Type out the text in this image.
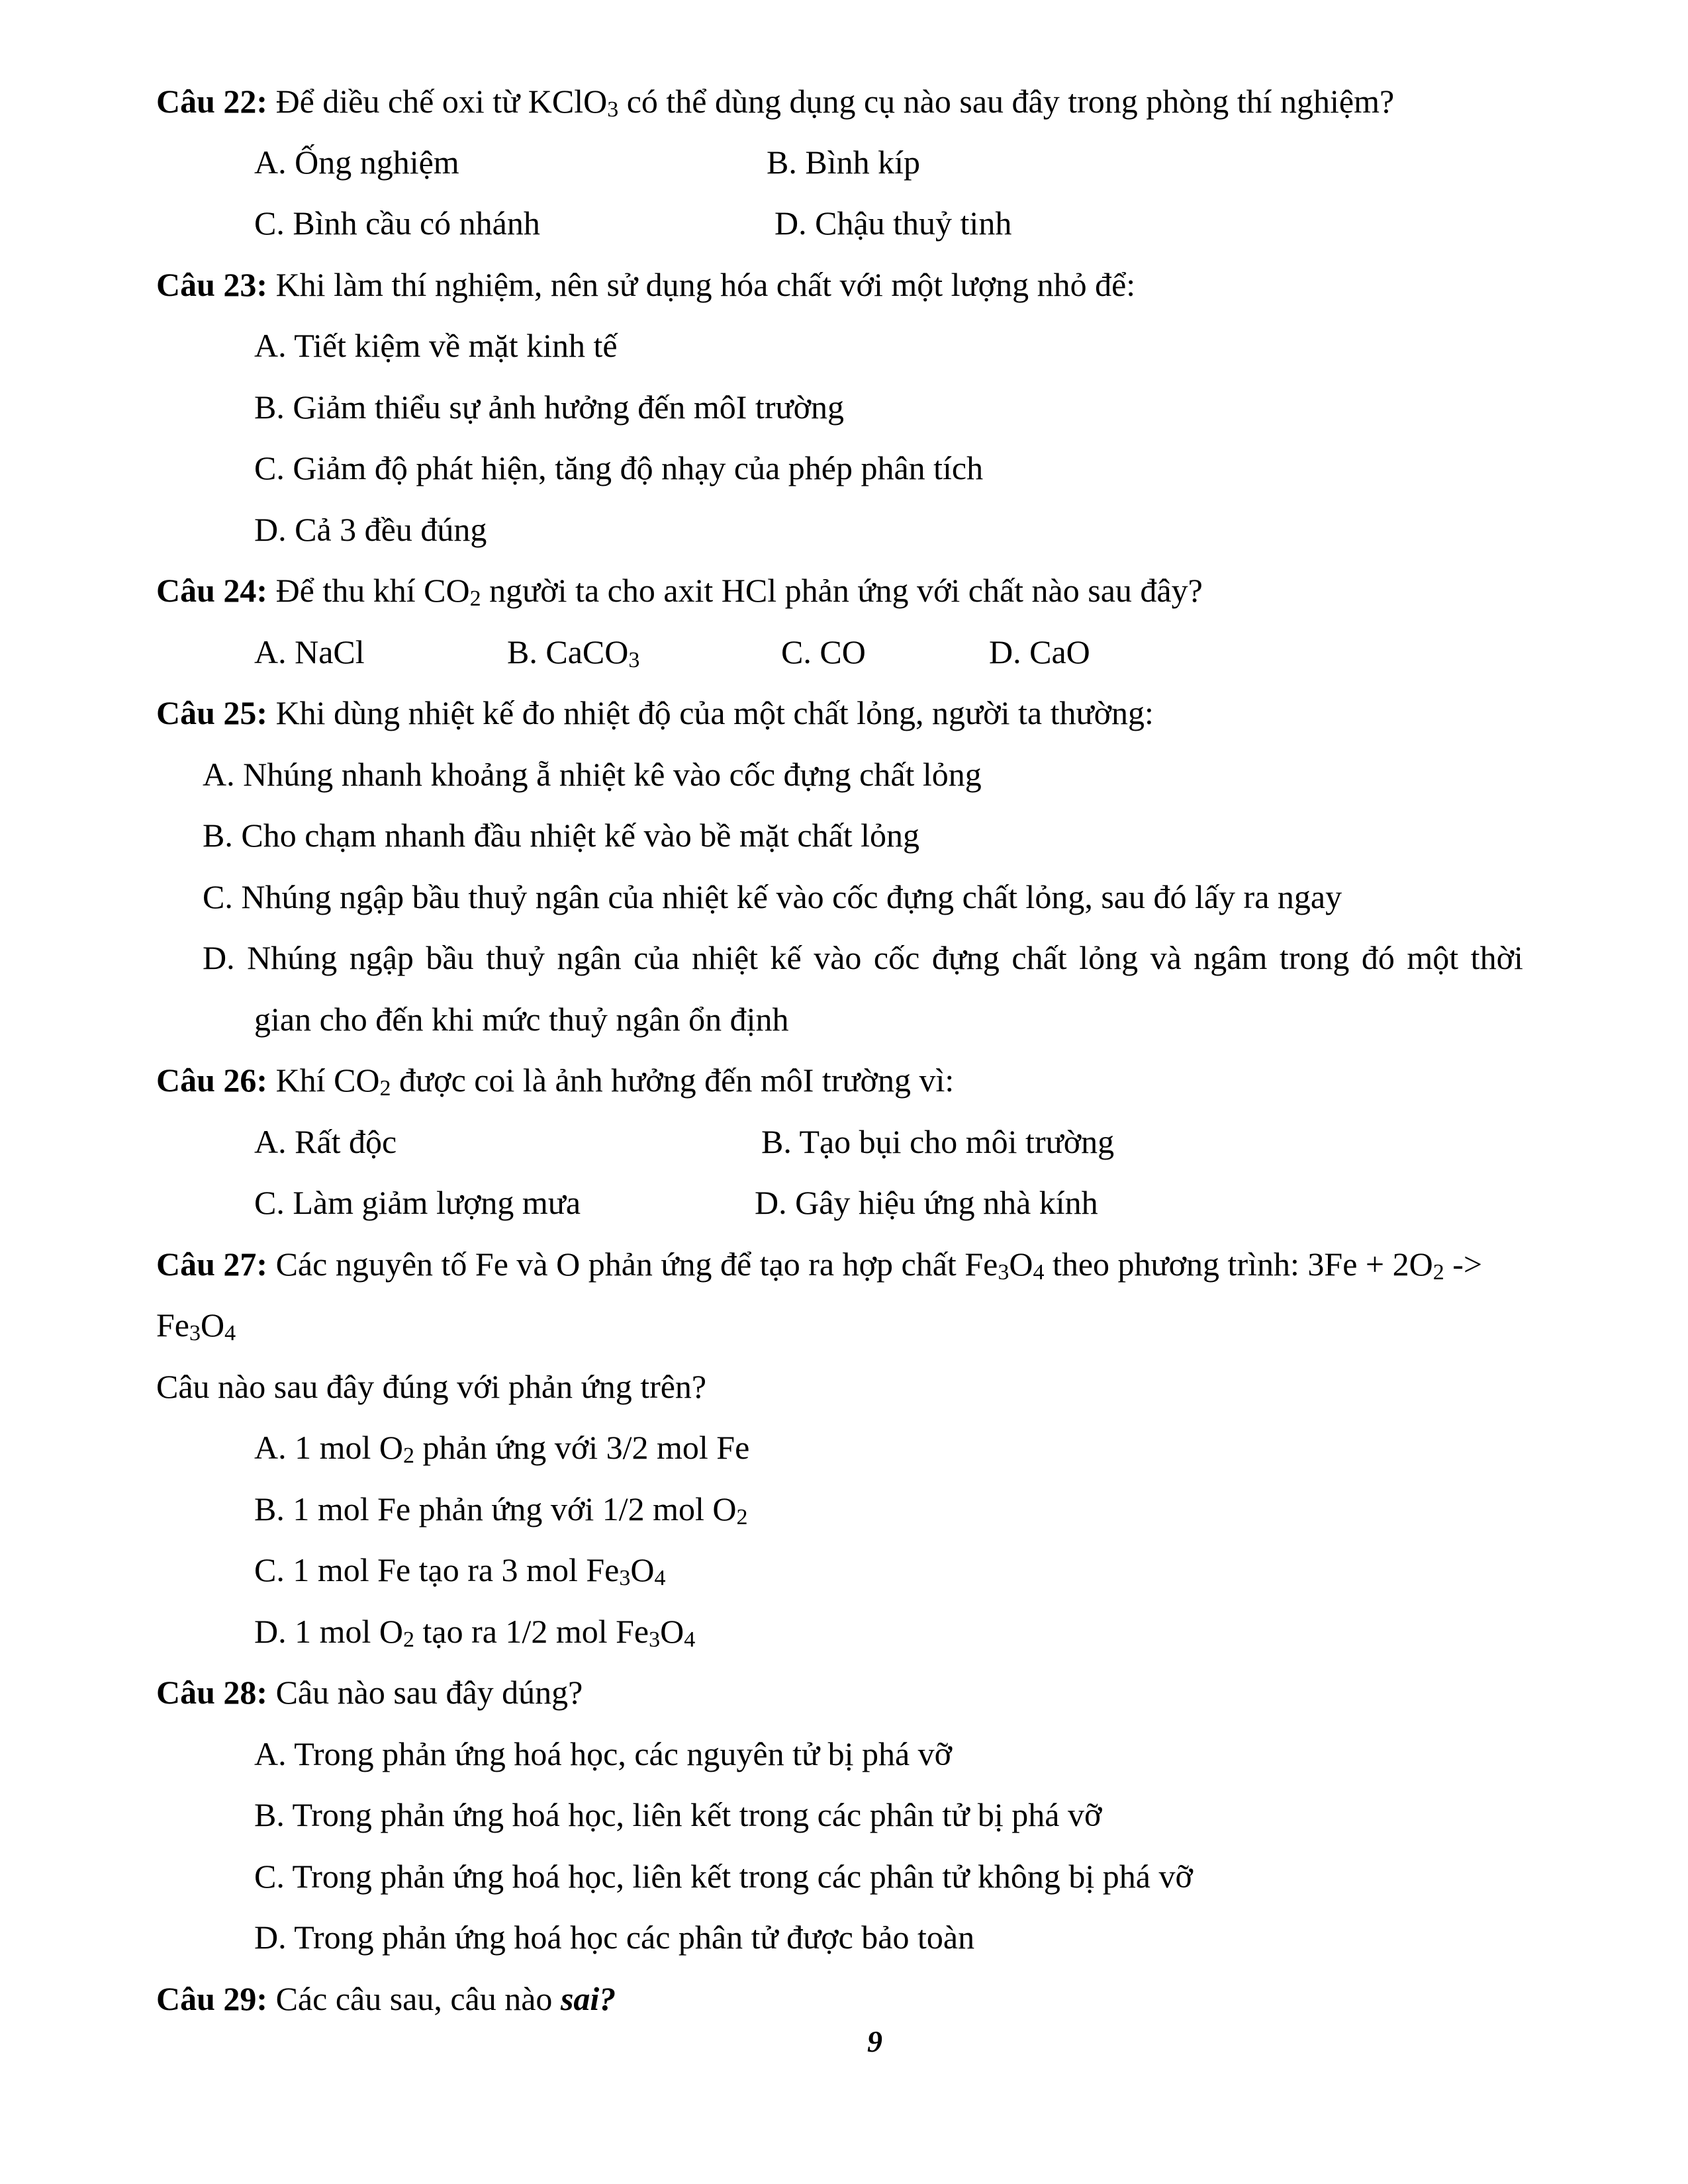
Câu 22: Để diều chế oxi từ KClO$_3$ có thể dùng dụng cụ nào sau đây trong phòng thí nghiệm?
A. Ống nghiệm	B. Bình kíp
C. Bình cầu có nhánh	D. Chậu thuỷ tinh
Câu 23: Khi làm thí nghiệm, nên sử dụng hóa chất với một lượng nhỏ để:
A. Tiết kiệm về mặt kinh tế
B. Giảm thiểu sự ảnh hưởng đến môI trường
C. Giảm độ phát hiện, tăng độ nhạy của phép phân tích
D. Cả 3 đều đúng
Câu 24: Để thu khí $CO_2$ người ta cho axit HCl phản ứng với chất nào sau đây?
A. NaCl	B. CaCO$_3$	C. CO	D. CaO
Câu 25: Khi dùng nhiệt kế đo nhiệt độ của một chất lỏng, người ta thường:
A. Nhúng nhanh khoảng ẵ nhiệt kê vào cốc đựng chất lỏng
B. Cho chạm nhanh đầu nhiệt kế vào bề mặt chất lỏng
C. Nhúng ngập bầu thuỷ ngân của nhiệt kế vào cốc đựng chất lỏng, sau đó lấy ra ngay
D. Nhúng ngập bầu thuỷ ngân của nhiệt kế vào cốc đựng chất lỏng và ngâm trong đó một thời
gian cho đến khi mức thuỷ ngân ổn định
Câu 26: Khí $CO_2$ được coi là ảnh hưởng đến môI trường vì:
A. Rất độc	B. Tạo bụi cho môi trường
C. Làm giảm lượng mưa	D. Gây hiệu ứng nhà kính
Câu 27: Các nguyên tố Fe và O phản ứng để tạo ra hợp chất $Fe_3O_4$ theo phương trình: $3Fe + 2O_2$ ->
$Fe_3O_4$
Câu nào sau đây đúng với phản ứng trên?
A. 1 mol $O_2$ phản ứng với 3/2 mol Fe
B. 1 mol Fe phản ứng với 1/2 mol $O_2$
C. 1 mol Fe tạo ra 3 mol $Fe_3O_4$
D. 1 mol $O_2$ tạo ra 1/2 mol $Fe_3O_4$
Câu 28: Câu nào sau đây dúng?
A. Trong phản ứng hoá học, các nguyên tử bị phá vỡ
B. Trong phản ứng hoá học, liên kết trong các phân tử bị phá vỡ
C. Trong phản ứng hoá học, liên kết trong các phân tử không bị phá vỡ
D. Trong phản ứng hoá học các phân tử được bảo toàn
Câu 29: Các câu sau, câu nào sai?
9
